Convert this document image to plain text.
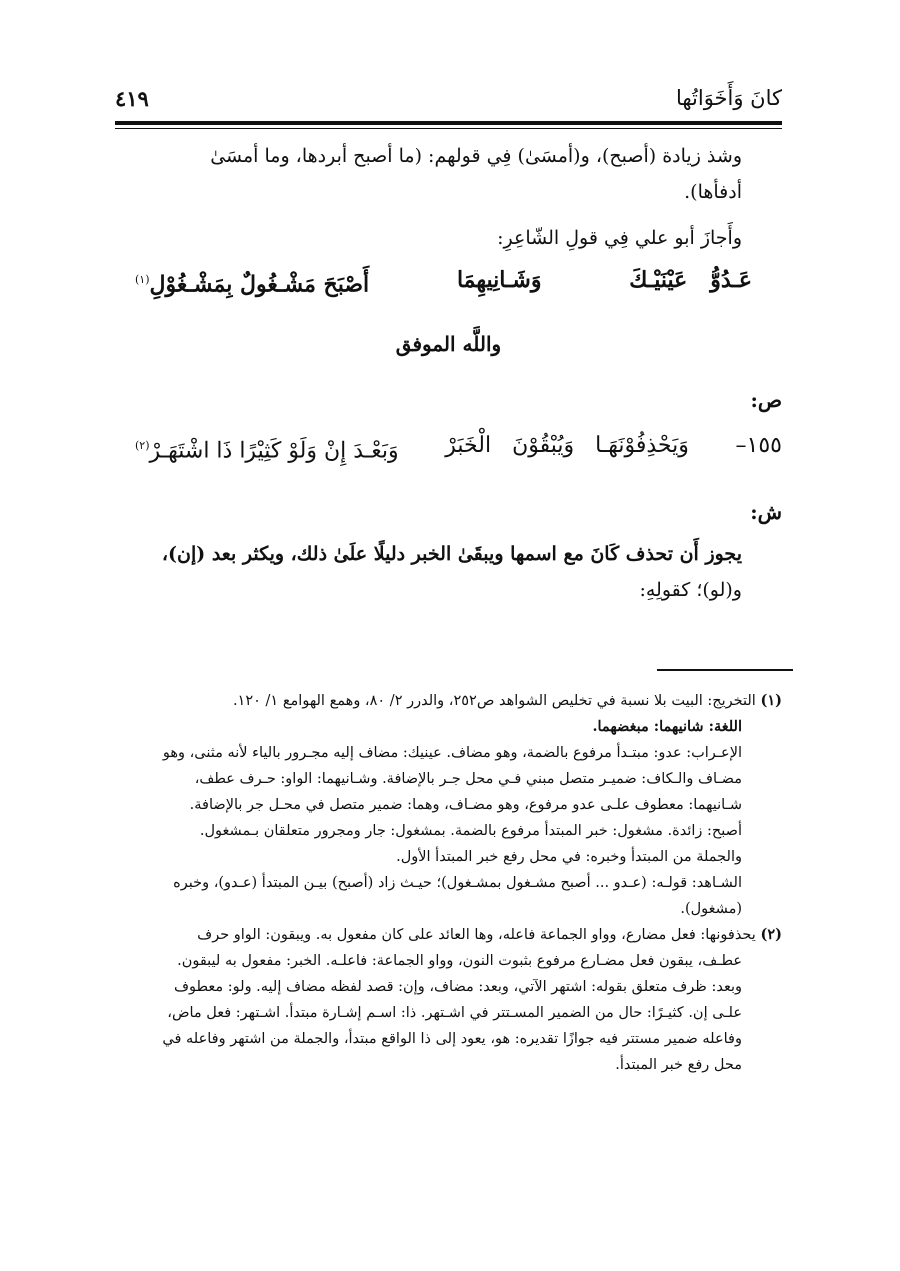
كانَ وَأَخَوَاتُها
٤١٩
وشذ زيادة (أصبح)، و(أمسَىٰ) فِي قولهم: (ما أصبح أبردها، وما أمسَىٰ
أدفأها).
وأَجازَ أبو علي فِي قولِ الشّاعِرِ:
عَـدُوُّ   عَيْنَيْـكَ
وَشَـانِيهِمَا
أَصْبَحَ مَشْـغُولٌ بِمَشْـغُوْلِ$^{(١)}$
واللَّه الموفق
ص:
١٥٥–
وَيَحْذِفُوْنَهَـا   وَيُبْقُوْنَ   الْخَبَرْ
وَبَعْـدَ إِنْ وَلَوْ كَثِيْرًا ذَا اشْتَهَـرْ$^{(٢)}$
ش:
يجوز أَن تحذف كَانَ مع اسمها ويبقَىٰ الخبر دليلًا علَىٰ ذلك، ويكثر بعد (إن)،
و(لو)؛ كقولِهِ:
(١) التخريج: البيت بلا نسبة في تخليص الشواهد ص٢٥٢، والدرر ٢/ ٨٠، وهمع الهوامع ١/ ١٢٠.
اللغة: شانيهما: مبغضهما.
الإعـراب: عدو: مبتـدأ مرفوع بالضمة، وهو مضاف. عينيك: مضاف إليه مجـرور بالياء لأنه مثنى، وهو
مضـاف والـكاف: ضميـر متصل مبني فـي محل جـر بالإضافة. وشـانيهما: الواو: حـرف عطف،
شـانيهما: معطوف علـى عدو مرفوع، وهو مضـاف، وهما: ضمير متصل في محـل جر بالإضافة.
أصبح: زائدة. مشغول: خبر المبتدأ مرفوع بالضمة. بمشغول: جار ومجرور متعلقان بـمشغول.
والجملة من المبتدأ وخبره: في محل رفع خبر المبتدأ الأول.
الشـاهد: قولـه: (عـدو ... أصبح مشـغول بمشـغول)؛ حيـث زاد (أصبح) بيـن المبتدأ (عـدو)، وخبره
(مشغول).
(٢) يحذفونها: فعل مضارع، وواو الجماعة فاعله، وها العائد على كان مفعول به. ويبقون: الواو حرف
عطـف، يبقون فعل مضـارع مرفوع بثبوت النون، وواو الجماعة: فاعلـه. الخبر: مفعول به ليبقون.
وبعد: ظرف متعلق بقوله: اشتهر الآتي، وبعد: مضاف، وإن: قصد لفظه مضاف إليه. ولو: معطوف
علـى إن. كثيـرًا: حال من الضمير المسـتتر في اشـتهر. ذا: اسـم إشـارة مبتدأ. اشـتهر: فعل ماض،
وفاعله ضمير مستتر فيه جوازًا تقديره: هو، يعود إلى ذا الواقع مبتدأ، والجملة من اشتهر وفاعله في
محل رفع خبر المبتدأ.
